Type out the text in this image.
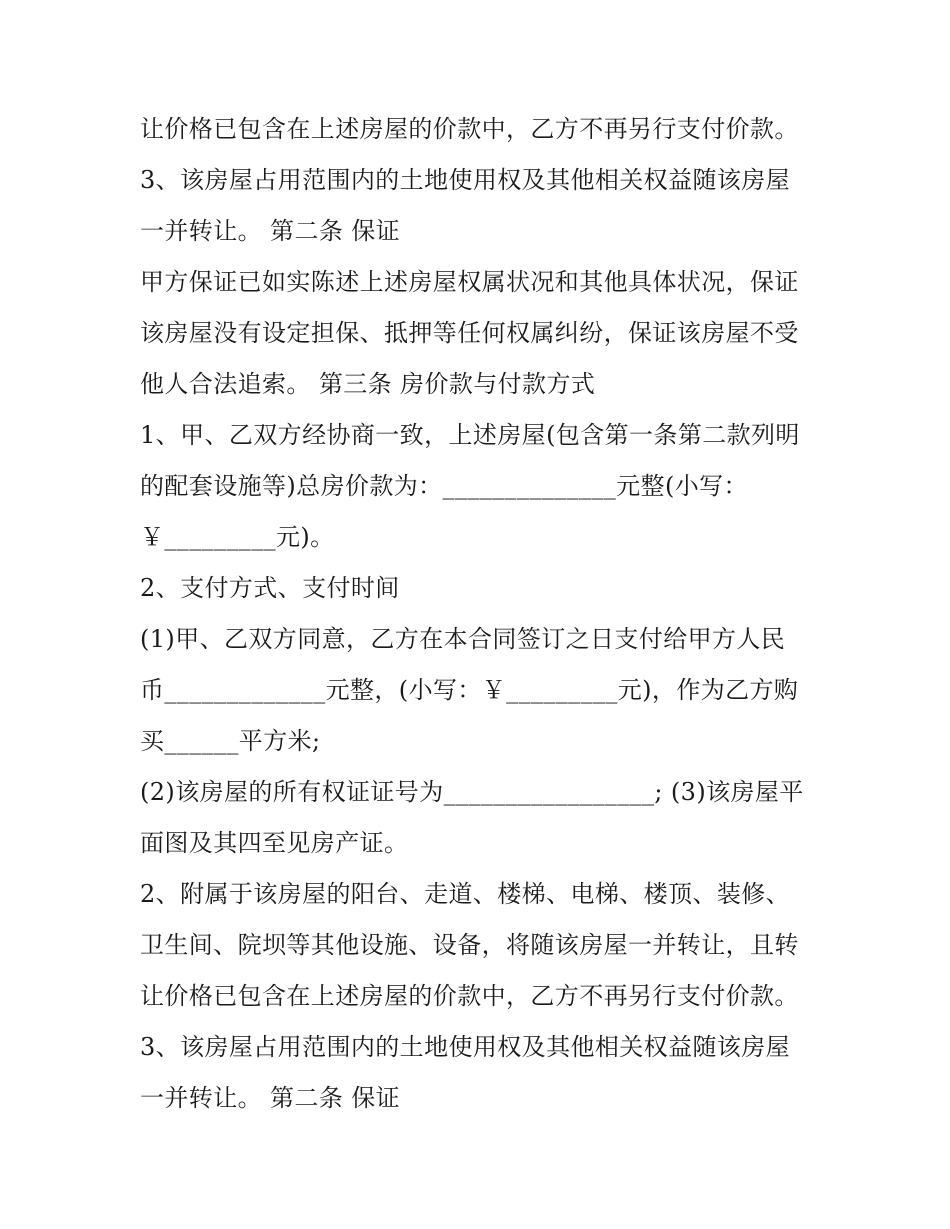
让价格已包含在上述房屋的价款中，乙方不再另行支付价款。
3、该房屋占用范围内的土地使用权及其他相关权益随该房屋
一并转让。 第二条 保证
甲方保证已如实陈述上述房屋权属状况和其他具体状况，保证
该房屋没有设定担保、抵押等任何权属纠纷，保证该房屋不受
他人合法追索。 第三条 房价款与付款方式
1、甲、乙双方经协商一致，上述房屋(包含第一条第二款列明
的配套设施等)总房价款为：______________元整(小写：
￥_________元)。
2、支付方式、支付时间
(1)甲、乙双方同意，乙方在本合同签订之日支付给甲方人民
币_____________元整，(小写：￥_________元)，作为乙方购
买______平方米;
(2)该房屋的所有权证证号为_________________; (3)该房屋平
面图及其四至见房产证。
2、附属于该房屋的阳台、走道、楼梯、电梯、楼顶、装修、
卫生间、院坝等其他设施、设备，将随该房屋一并转让，且转
让价格已包含在上述房屋的价款中，乙方不再另行支付价款。
3、该房屋占用范围内的土地使用权及其他相关权益随该房屋
一并转让。 第二条 保证
